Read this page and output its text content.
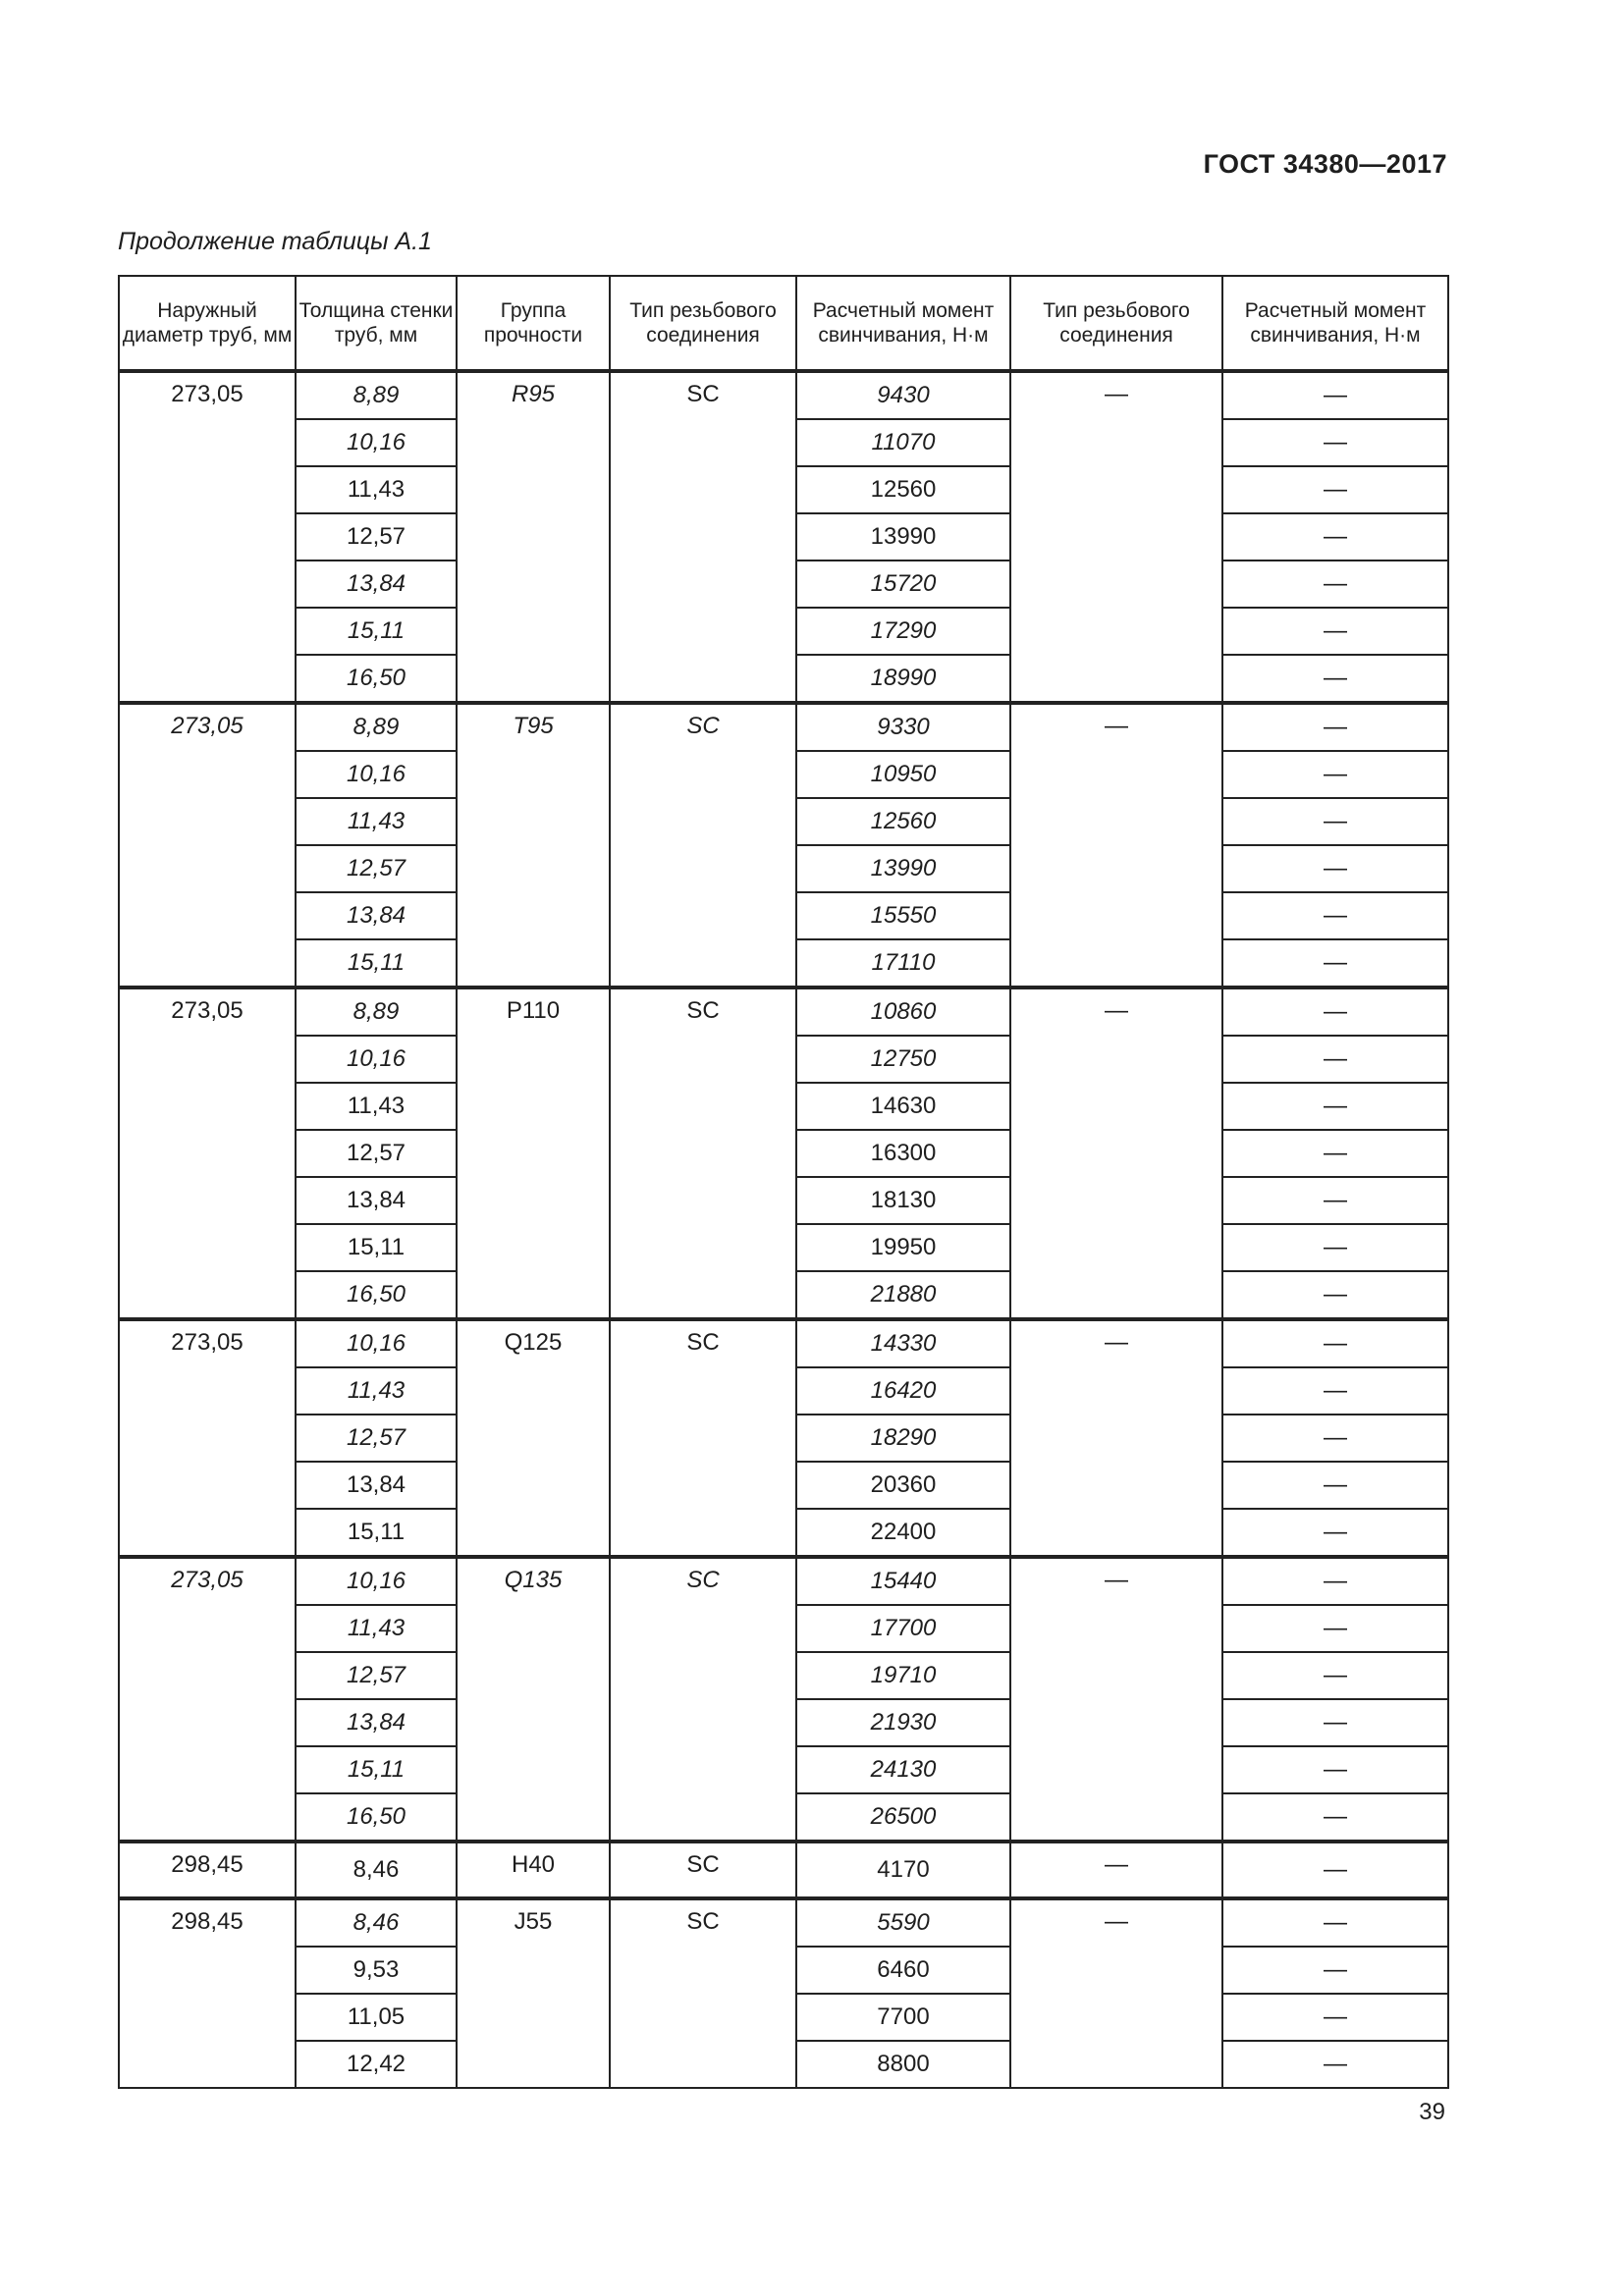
ГОСТ 34380—2017
Продолжение таблицы А.1
Наружный диаметр труб, мм	Толщина стенки труб, мм	Группа прочности	Тип резьбового соединения	Расчетный момент свинчивания, Н·м	Тип резьбового соединения	Расчетный момент свинчивания, Н·м
273,05	8,89	R95	SC	9430	—	—
	10,16			11070		—
	11,43			12560		—
	12,57			13990		—
	13,84			15720		—
	15,11			17290		—
	16,50			18990		—
273,05	8,89	T95	SC	9330	—	—
	10,16			10950		—
	11,43			12560		—
	12,57			13990		—
	13,84			15550		—
	15,11			17110		—
273,05	8,89	P110	SC	10860	—	—
	10,16			12750		—
	11,43			14630		—
	12,57			16300		—
	13,84			18130		—
	15,11			19950		—
	16,50			21880		—
273,05	10,16	Q125	SC	14330	—	—
	11,43			16420		—
	12,57			18290		—
	13,84			20360		—
	15,11			22400		—
273,05	10,16	Q135	SC	15440	—	—
	11,43			17700		—
	12,57			19710		—
	13,84			21930		—
	15,11			24130		—
	16,50			26500		—
298,45	8,46	H40	SC	4170	—	—
298,45	8,46	J55	SC	5590	—	—
	9,53			6460		—
	11,05			7700		—
	12,42			8800		—
39
